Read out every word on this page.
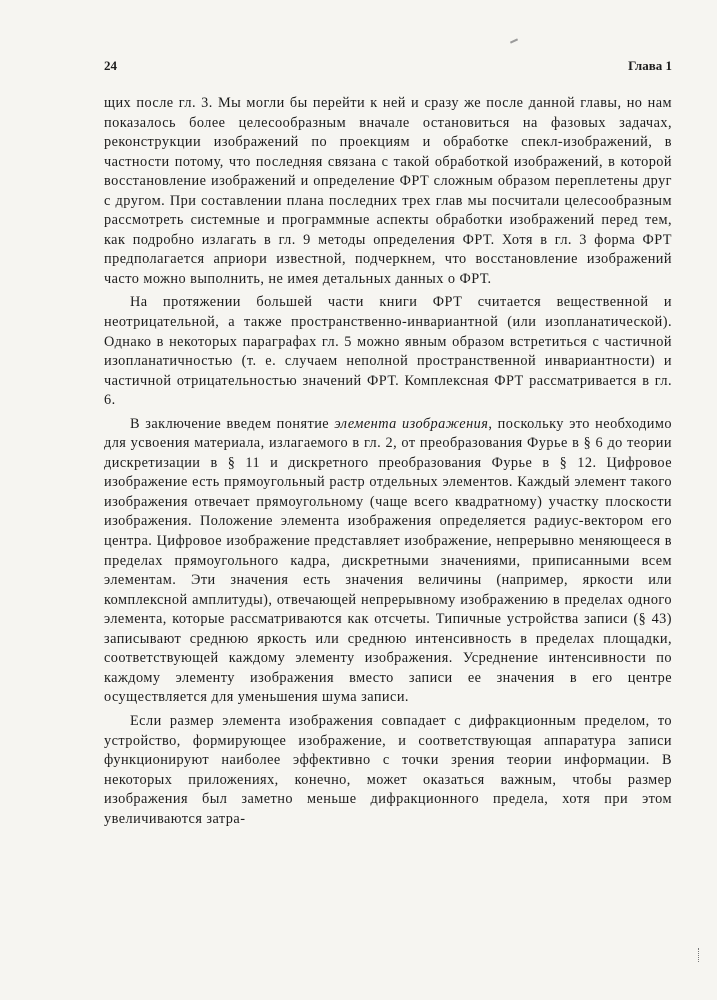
24	Глава 1

щих после гл. 3. Мы могли бы перейти к ней и сразу же после данной главы, но нам показалось более целесообразным вначале остановиться на фазовых задачах, реконструкции изображений по проекциям и обработке спекл-изображений, в частности потому, что последняя связана с такой обработкой изображений, в которой восстановление изображений и определение ФРТ сложным образом переплетены друг с другом. При составлении плана последних трех глав мы посчитали целесообразным рассмотреть системные и программные аспекты обработки изображений перед тем, как подробно излагать в гл. 9 методы определения ФРТ. Хотя в гл. 3 форма ФРТ предполагается априори известной, подчеркнем, что восстановление изображений часто можно выполнить, не имея детальных данных о ФРТ.

На протяжении большей части книги ФРТ считается вещественной и неотрицательной, а также пространственно-инвариантной (или изопланатической). Однако в некоторых параграфах гл. 5 можно явным образом встретиться с частичной изопланатичностью (т. е. случаем неполной пространственной инвариантности) и частичной отрицательностью значений ФРТ. Комплексная ФРТ рассматривается в гл. 6.

В заключение введем понятие элемента изображения, поскольку это необходимо для усвоения материала, излагаемого в гл. 2, от преобразования Фурье в § 6 до теории дискретизации в § 11 и дискретного преобразования Фурье в § 12. Цифровое изображение есть прямоугольный растр отдельных элементов. Каждый элемент такого изображения отвечает прямоугольному (чаще всего квадратному) участку плоскости изображения. Положение элемента изображения определяется радиус-вектором его центра. Цифровое изображение представляет изображение, непрерывно меняющееся в пределах прямоугольного кадра, дискретными значениями, приписанными всем элементам. Эти значения есть значения величины (например, яркости или комплексной амплитуды), отвечающей непрерывному изображению в пределах одного элемента, которые рассматриваются как отсчеты. Типичные устройства записи (§ 43) записывают среднюю яркость или среднюю интенсивность в пределах площадки, соответствующей каждому элементу изображения. Усреднение интенсивности по каждому элементу изображения вместо записи ее значения в его центре осуществляется для уменьшения шума записи.

Если размер элемента изображения совпадает с дифракционным пределом, то устройство, формирующее изображение, и соответствующая аппаратура записи функционируют наиболее эффективно с точки зрения теории информации. В некоторых приложениях, конечно, может оказаться важным, чтобы размер изображения был заметно меньше дифракционного предела, хотя при этом увеличиваются затра-
